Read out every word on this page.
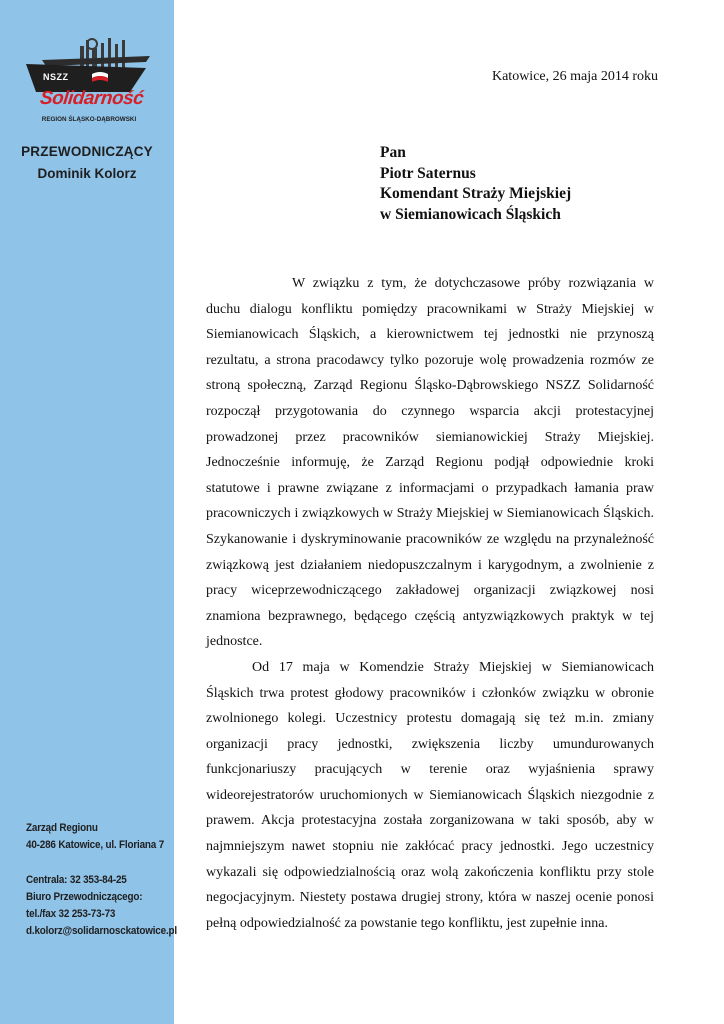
NSZZ
Solidarność
REGION ŚLĄSKO-DĄBROWSKI
PRZEWODNICZĄCY
Dominik Kolorz
Zarząd Regionu
40-286 Katowice, ul. Floriana 7
Centrala: 32 353-84-25
Biuro Przewodniczącego:
tel./fax 32 253-73-73
d.kolorz@solidarnosckatowice.pl
Katowice, 26 maja 2014 roku
Pan
Piotr Saternus
Komendant Straży Miejskiej
w Siemianowicach Śląskich

W związku z tym, że dotychczasowe próby rozwiązania w duchu dialogu konfliktu pomiędzy pracownikami w Straży Miejskiej w Siemianowicach Śląskich, a kierownictwem tej jednostki nie przynoszą rezultatu, a strona pracodawcy tylko pozoruje wolę prowadzenia rozmów ze stroną społeczną, Zarząd Regionu Śląsko-Dąbrowskiego NSZZ Solidarność rozpoczął przygotowania do czynnego wsparcia akcji protestacyjnej prowadzonej przez pracowników siemianowickiej Straży Miejskiej. Jednocześnie informuję, że Zarząd Regionu podjął odpowiednie kroki statutowe i prawne związane z informacjami o przypadkach łamania praw pracowniczych i związkowych w Straży Miejskiej w Siemianowicach Śląskich. Szykanowanie i dyskryminowanie pracowników ze względu na przynależność związkową jest działaniem niedopuszczalnym i karygodnym, a zwolnienie z pracy wiceprzewodniczącego zakładowej organizacji związkowej nosi znamiona bezprawnego, będącego częścią antyzwiązkowych praktyk w tej jednostce.

Od 17 maja w Komendzie Straży Miejskiej w Siemianowicach Śląskich trwa protest głodowy pracowników i członków związku w obronie zwolnionego kolegi. Uczestnicy protestu domagają się też m.in. zmiany organizacji pracy jednostki, zwiększenia liczby umundurowanych funkcjonariuszy pracujących w terenie oraz wyjaśnienia sprawy wideorejestratorów uruchomionych w Siemianowicach Śląskich niezgodnie z prawem. Akcja protestacyjna została zorganizowana w taki sposób, aby w najmniejszym nawet stopniu nie zakłócać pracy jednostki. Jego uczestnicy wykazali się odpowiedzialnością oraz wolą zakończenia konfliktu przy stole negocjacyjnym. Niestety postawa drugiej strony, która w naszej ocenie ponosi pełną odpowiedzialność za powstanie tego konfliktu, jest zupełnie inna.
